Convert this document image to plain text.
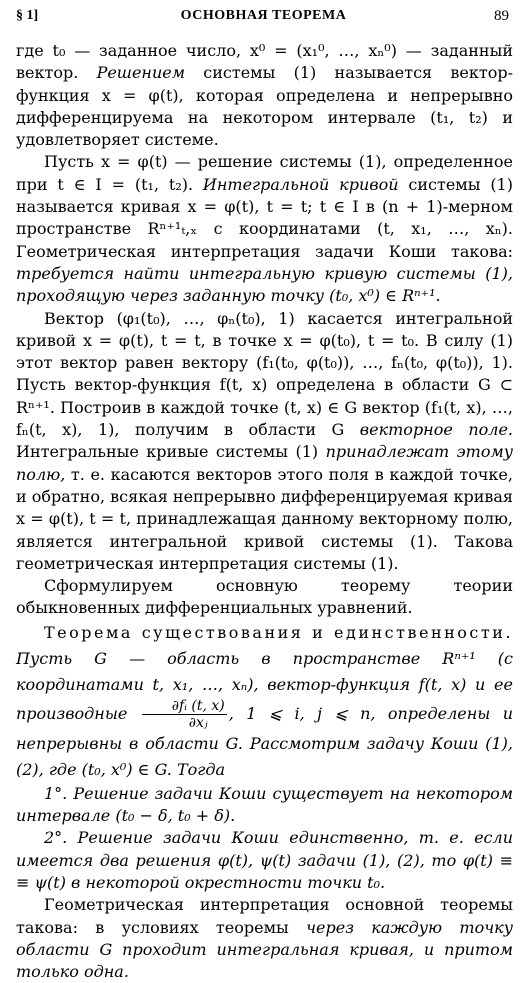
§ 1]	ОСНОВНАЯ ТЕОРЕМА	89

где t₀ — заданное число, x⁰ = (x₁⁰, …, xₙ⁰) — заданный вектор. Решением системы (1) называется вектор-функция x = φ(t), которая определена и непрерывно дифференцируема на некотором интервале (t₁, t₂) и удовлетворяет системе.

Пусть x = φ(t) — решение системы (1), определенное при t ∈ I = (t₁, t₂). Интегральной кривой системы (1) называется кривая x = φ(t), t = t; t ∈ I в (n + 1)-мерном пространстве Rⁿ⁺¹ₜ,ₓ с координатами (t, x₁, …, xₙ). Геометрическая интерпретация задачи Коши такова: требуется найти интегральную кривую системы (1), проходящую через заданную точку (t₀, x⁰) ∈ Rⁿ⁺¹.

Вектор (φ₁(t₀), …, φₙ(t₀), 1) касается интегральной кривой x = φ(t), t = t, в точке x = φ(t₀), t = t₀. В силу (1) этот вектор равен вектору (f₁(t₀, φ(t₀)), …, fₙ(t₀, φ(t₀)), 1). Пусть вектор-функция f(t, x) определена в области G ⊂ Rⁿ⁺¹. Построив в каждой точке (t, x) ∈ G вектор (f₁(t, x), …, fₙ(t, x), 1), получим в области G векторное поле. Интегральные кривые системы (1) принадлежат этому полю, т. е. касаются векторов этого поля в каждой точке, и обратно, всякая непрерывно дифференцируемая кривая x = φ(t), t = t, принадлежащая данному векторному полю, является интегральной кривой системы (1). Такова геометрическая интерпретация системы (1).

Сформулируем основную теорему теории обыкновенных дифференциальных уравнений.

Теорема существования и единственности. Пусть G — область в пространстве Rⁿ⁺¹ (с координатами t, x₁, …, xₙ), вектор-функция f(t, x) и ее производные $\frac{\text{∂fᵢ (t, x)}}{\text{∂xⱼ}}$ , 1 ⩽ i, j ⩽ n, определены и непрерывны в области G. Рассмотрим задачу Коши (1), (2), где (t₀, x⁰) ∈ G. Тогда

1°. Решение задачи Коши существует на некотором интервале (t₀ − δ, t₀ + δ).

2°. Решение задачи Коши единственно, т. е. если имеется два решения φ(t), ψ(t) задачи (1), (2), то φ(t) ≡ ≡ ψ(t) в некоторой окрестности точки t₀.

Геометрическая интерпретация основной теоремы такова: в условиях теоремы через каждую точку области G проходит интегральная кривая, и притом только одна.
